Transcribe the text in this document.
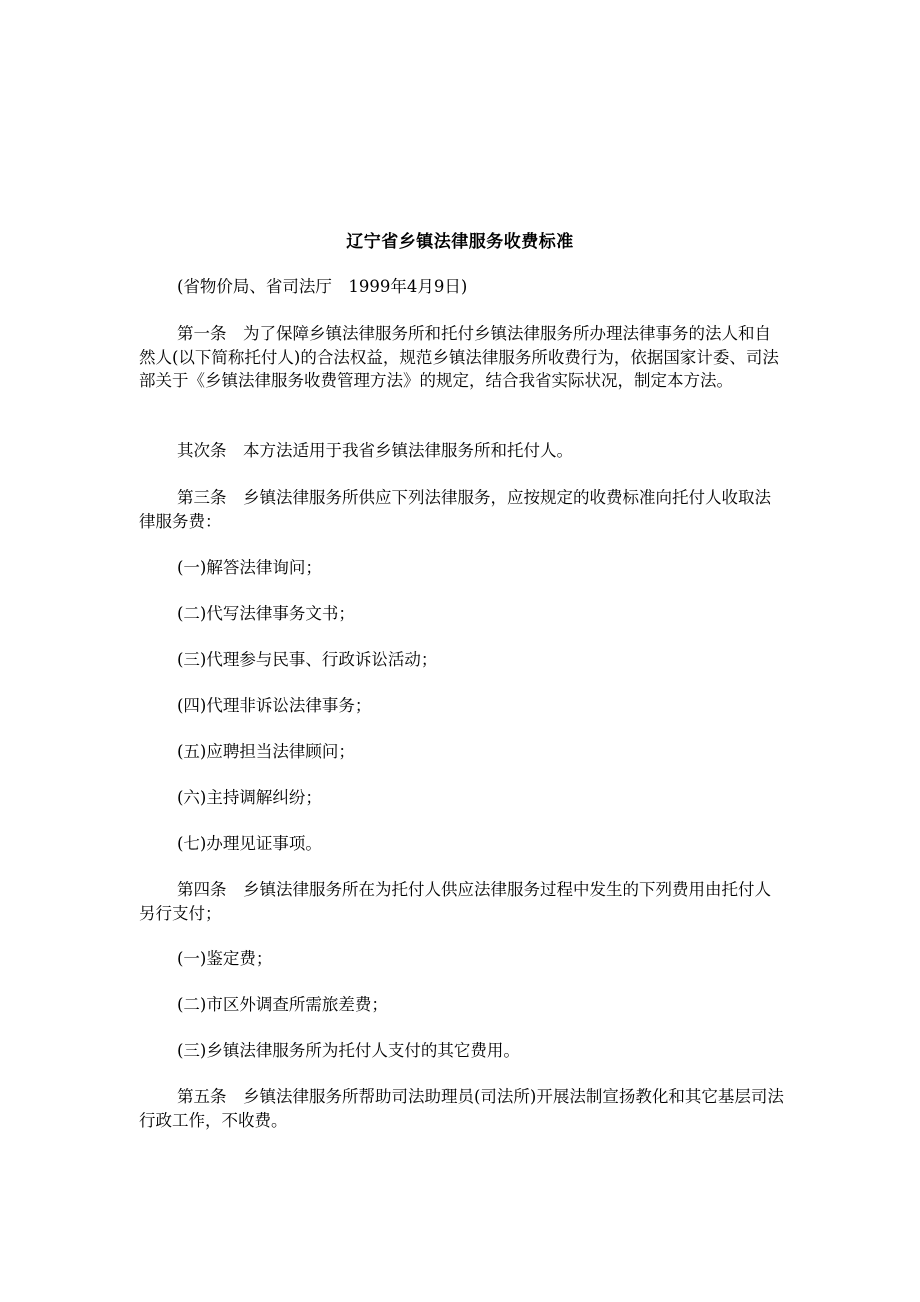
辽宁省乡镇法律服务收费标准

(省物价局、省司法厅　1999年4月9日)

第一条　为了保障乡镇法律服务所和托付乡镇法律服务所办理法律事务的法人和自然人(以下简称托付人)的合法权益，规范乡镇法律服务所收费行为，依据国家计委、司法部关于《乡镇法律服务收费管理方法》的规定，结合我省实际状况，制定本方法。

其次条　本方法适用于我省乡镇法律服务所和托付人。

第三条　乡镇法律服务所供应下列法律服务，应按规定的收费标准向托付人收取法律服务费：

(一)解答法律询问；

(二)代写法律事务文书；

(三)代理参与民事、行政诉讼活动；

(四)代理非诉讼法律事务；

(五)应聘担当法律顾问；

(六)主持调解纠纷；

(七)办理见证事项。

第四条　乡镇法律服务所在为托付人供应法律服务过程中发生的下列费用由托付人另行支付；

(一)鉴定费；

(二)市区外调查所需旅差费；

(三)乡镇法律服务所为托付人支付的其它费用。

第五条　乡镇法律服务所帮助司法助理员(司法所)开展法制宣扬教化和其它基层司法行政工作，不收费。
